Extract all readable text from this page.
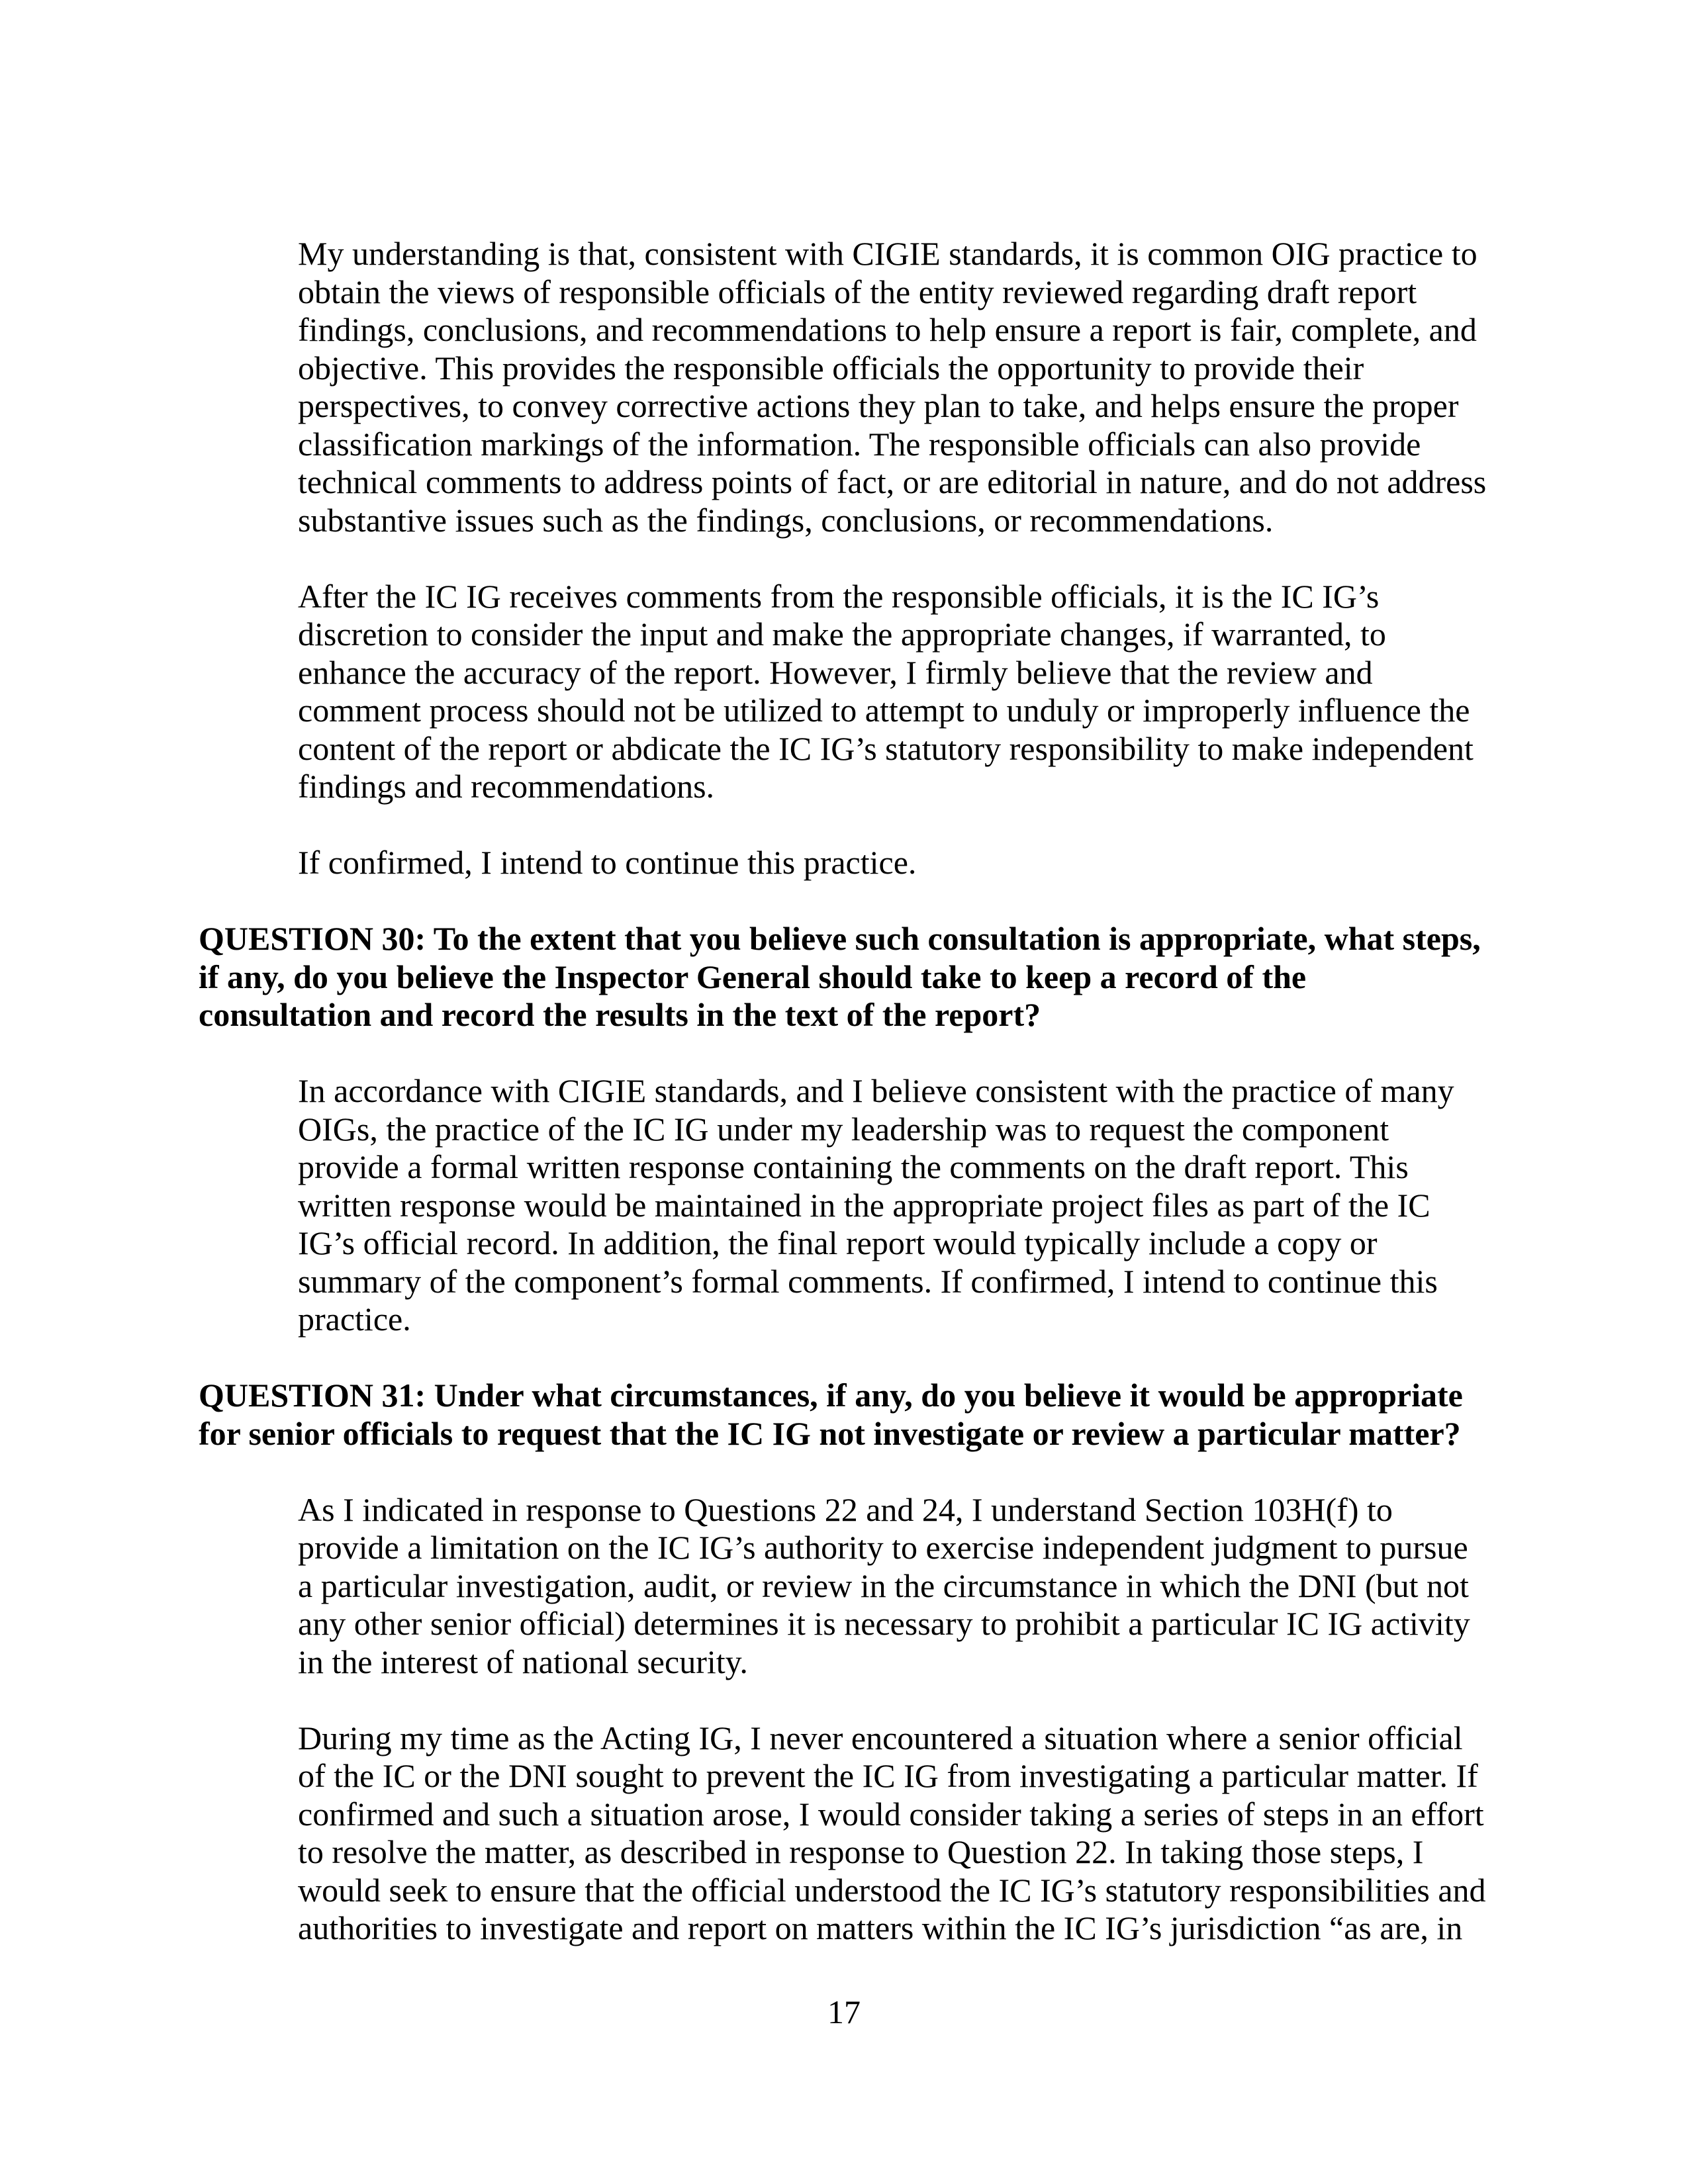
My understanding is that, consistent with CIGIE standards, it is common OIG practice to
obtain the views of responsible officials of the entity reviewed regarding draft report
findings, conclusions, and recommendations to help ensure a report is fair, complete, and
objective. This provides the responsible officials the opportunity to provide their
perspectives, to convey corrective actions they plan to take, and helps ensure the proper
classification markings of the information. The responsible officials can also provide
technical comments to address points of fact, or are editorial in nature, and do not address
substantive issues such as the findings, conclusions, or recommendations.
After the IC IG receives comments from the responsible officials, it is the IC IG’s
discretion to consider the input and make the appropriate changes, if warranted, to
enhance the accuracy of the report. However, I firmly believe that the review and
comment process should not be utilized to attempt to unduly or improperly influence the
content of the report or abdicate the IC IG’s statutory responsibility to make independent
findings and recommendations.
If confirmed, I intend to continue this practice.
QUESTION 30: To the extent that you believe such consultation is appropriate, what steps,
if any, do you believe the Inspector General should take to keep a record of the
consultation and record the results in the text of the report?
In accordance with CIGIE standards, and I believe consistent with the practice of many
OIGs, the practice of the IC IG under my leadership was to request the component
provide a formal written response containing the comments on the draft report. This
written response would be maintained in the appropriate project files as part of the IC
IG’s official record. In addition, the final report would typically include a copy or
summary of the component’s formal comments. If confirmed, I intend to continue this
practice.
QUESTION 31: Under what circumstances, if any, do you believe it would be appropriate
for senior officials to request that the IC IG not investigate or review a particular matter?
As I indicated in response to Questions 22 and 24, I understand Section 103H(f) to
provide a limitation on the IC IG’s authority to exercise independent judgment to pursue
a particular investigation, audit, or review in the circumstance in which the DNI (but not
any other senior official) determines it is necessary to prohibit a particular IC IG activity
in the interest of national security.
During my time as the Acting IG, I never encountered a situation where a senior official
of the IC or the DNI sought to prevent the IC IG from investigating a particular matter. If
confirmed and such a situation arose, I would consider taking a series of steps in an effort
to resolve the matter, as described in response to Question 22. In taking those steps, I
would seek to ensure that the official understood the IC IG’s statutory responsibilities and
authorities to investigate and report on matters within the IC IG’s jurisdiction “as are, in
17
